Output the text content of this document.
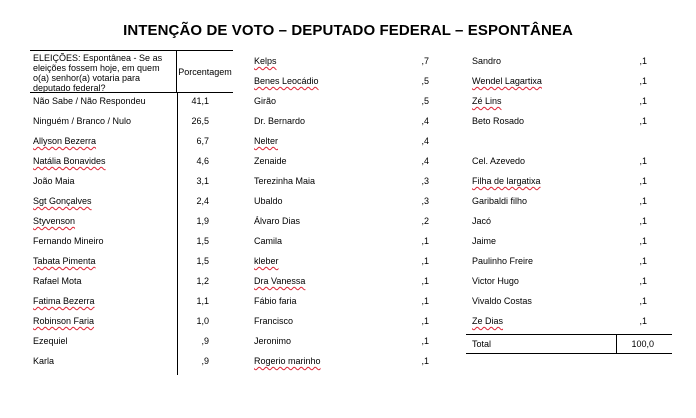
INTENÇÃO DE VOTO – DEPUTADO FEDERAL – ESPONTÂNEA
ELEIÇÕES: Espontânea - Se as eleições fossem hoje, em quem o(a) senhor(a) votaria para deputado federal?
Porcentagem
Não Sabe / Não Respondeu	41,1
Ninguém / Branco / Nulo	26,5
Allyson Bezerra	6,7
Natália Bonavides	4,6
João Maia	3,1
Sgt Gonçalves	2,4
Styvenson	1,9
Fernando Mineiro	1,5
Tabata Pimenta	1,5
Rafael Mota	1,2
Fatima Bezerra	1,1
Robinson Faria	1,0
Ezequiel	,9
Karla	,9
Kelps	,7
Benes Leocádio	,5
Girão	,5
Dr. Bernardo	,4
Nelter	,4
Zenaide	,4
Terezinha Maia	,3
Ubaldo	,3
Álvaro Dias	,2
Camila	,1
kleber	,1
Dra Vanessa	,1
Fábio faria	,1
Francisco	,1
Jeronimo	,1
Rogerio marinho	,1
Sandro	,1
Wendel Lagartixa	,1
Zé Lins	,1
Beto Rosado	,1
Cel. Azevedo	,1
Filha de largatixa	,1
Garibaldi filho	,1
Jacó	,1
Jaime	,1
Paulinho Freire	,1
Victor Hugo	,1
Vivaldo Costas	,1
Ze Dias	,1
Total	100,0
